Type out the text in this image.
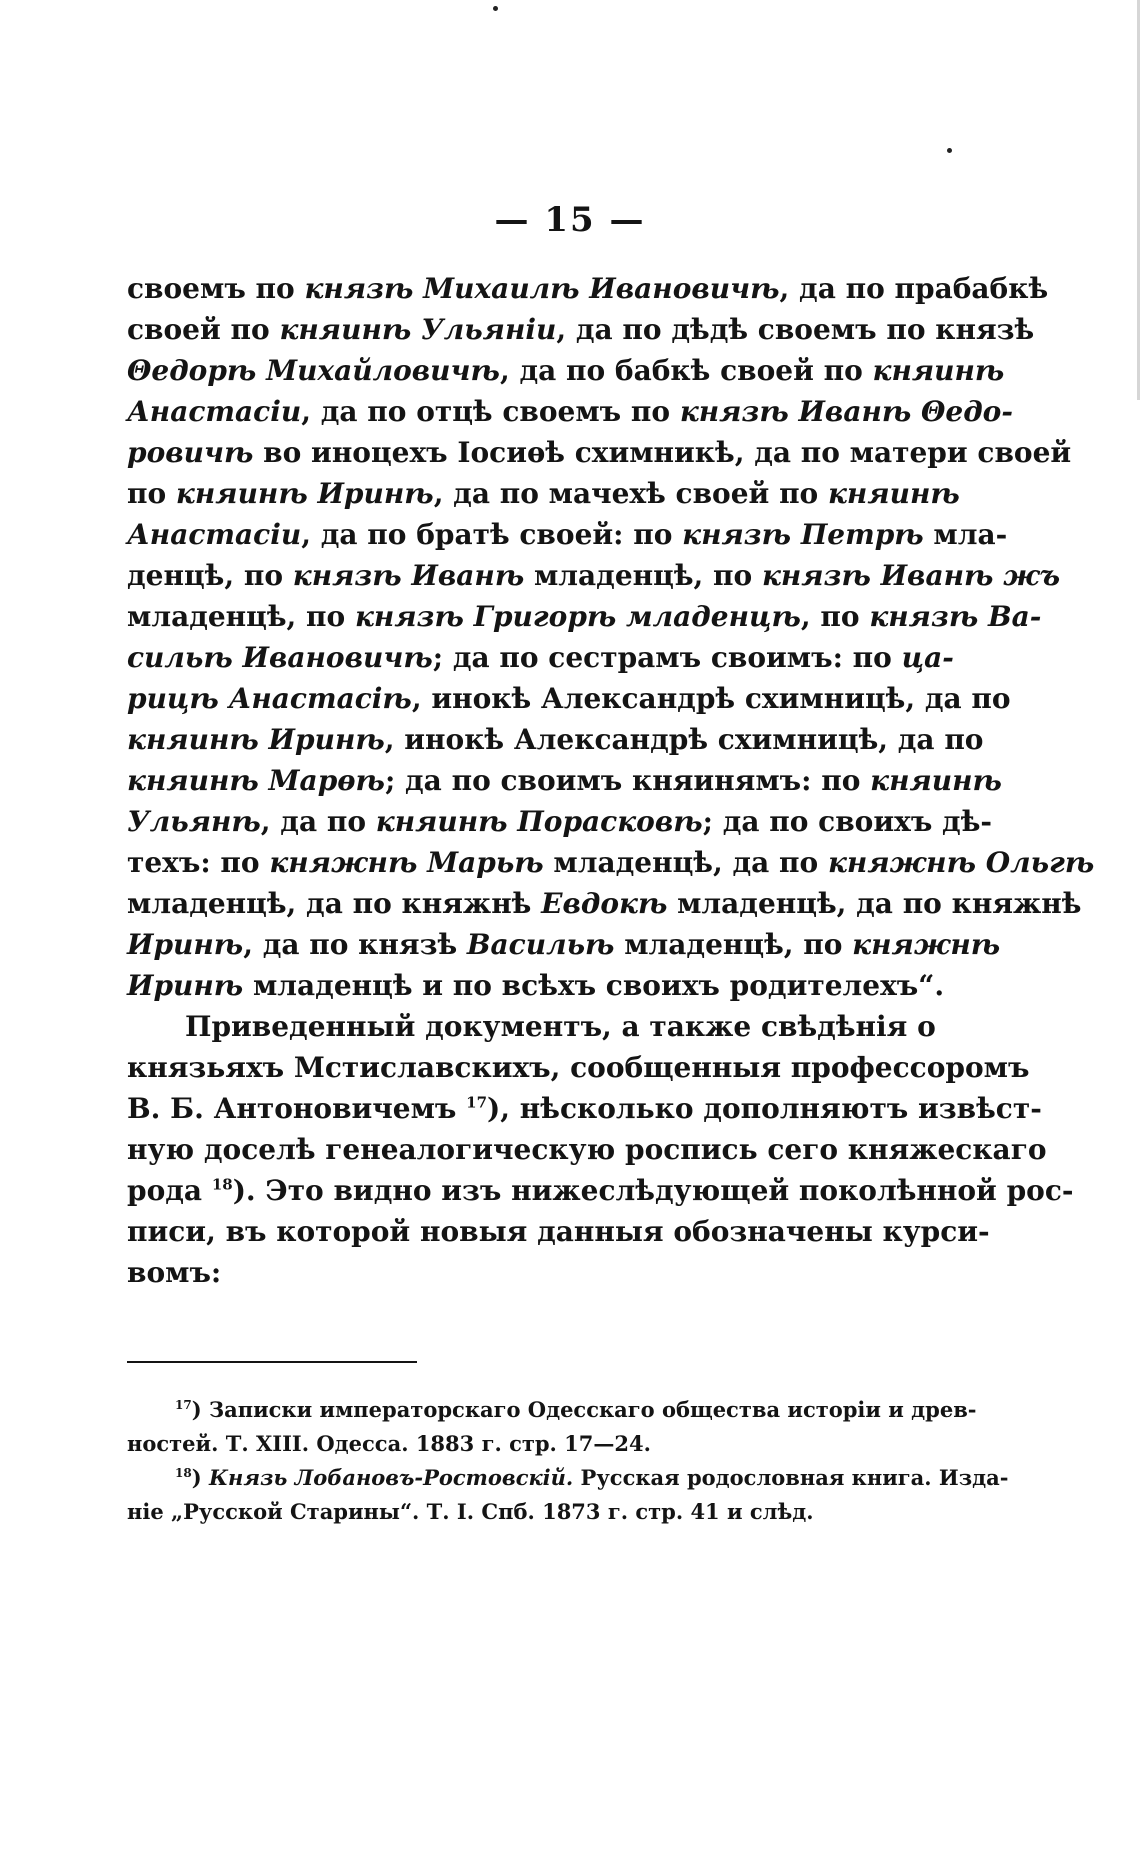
— 15 —
своемъ по князѣ Михаилѣ Ивановичѣ, да по прабабкѣ
своей по княинѣ Ульяніи, да по дѣдѣ своемъ по князѣ
Θедорѣ Михайловичѣ, да по бабкѣ своей по княинѣ
Анастасіи, да по отцѣ своемъ по князѣ Иванѣ Θедо-
ровичѣ во иноцехъ Іосиѳѣ схимникѣ, да по матери своей
по княинѣ Иринѣ, да по мачехѣ своей по княинѣ
Анастасіи, да по братѣ своей: по князѣ Петрѣ мла-
денцѣ, по князѣ Иванѣ младенцѣ, по князѣ Иванѣ жъ
младенцѣ, по князѣ Григорѣ младенцѣ, по князѣ Ва-
сильѣ Ивановичѣ; да по сестрамъ своимъ: по ца-
рицѣ Анастасіѣ, инокѣ Александрѣ схимницѣ, да по
княинѣ Иринѣ, инокѣ Александрѣ схимницѣ, да по
княинѣ Марѳѣ; да по своимъ княинямъ: по княинѣ
Ульянѣ, да по княинѣ Порасковѣ; да по своихъ дѣ-
техъ: по княжнѣ Марьѣ младенцѣ, да по княжнѣ Ольгѣ
младенцѣ, да по княжнѣ Евдокѣ младенцѣ, да по княжнѣ
Иринѣ, да по князѣ Васильѣ младенцѣ, по княжнѣ
Иринѣ младенцѣ и по всѣхъ своихъ родителехъ“.
Приведенный документъ, а также свѣдѣнія о
князьяхъ Мстиславскихъ, сообщенныя профессоромъ
В. Б. Антоновичемъ $^{17}$), нѣсколько дополняютъ извѣст-
ную доселѣ генеалогическую роспись сего княжескаго
рода $^{18}$). Это видно изъ нижеслѣдующей поколѣнной рос-
писи, въ которой новыя данныя обозначены курси-
вомъ:
$^{17}$) Записки императорскаго Одесскаго общества исторіи и древ-
ностей. Т. XIII. Одесса. 1883 г. стр. 17—24.
$^{18}$) Князь Лобановъ-Ростовскій. Русская родословная книга. Изда-
ніе „Русской Старины“. Т. I. Спб. 1873 г. стр. 41 и слѣд.
